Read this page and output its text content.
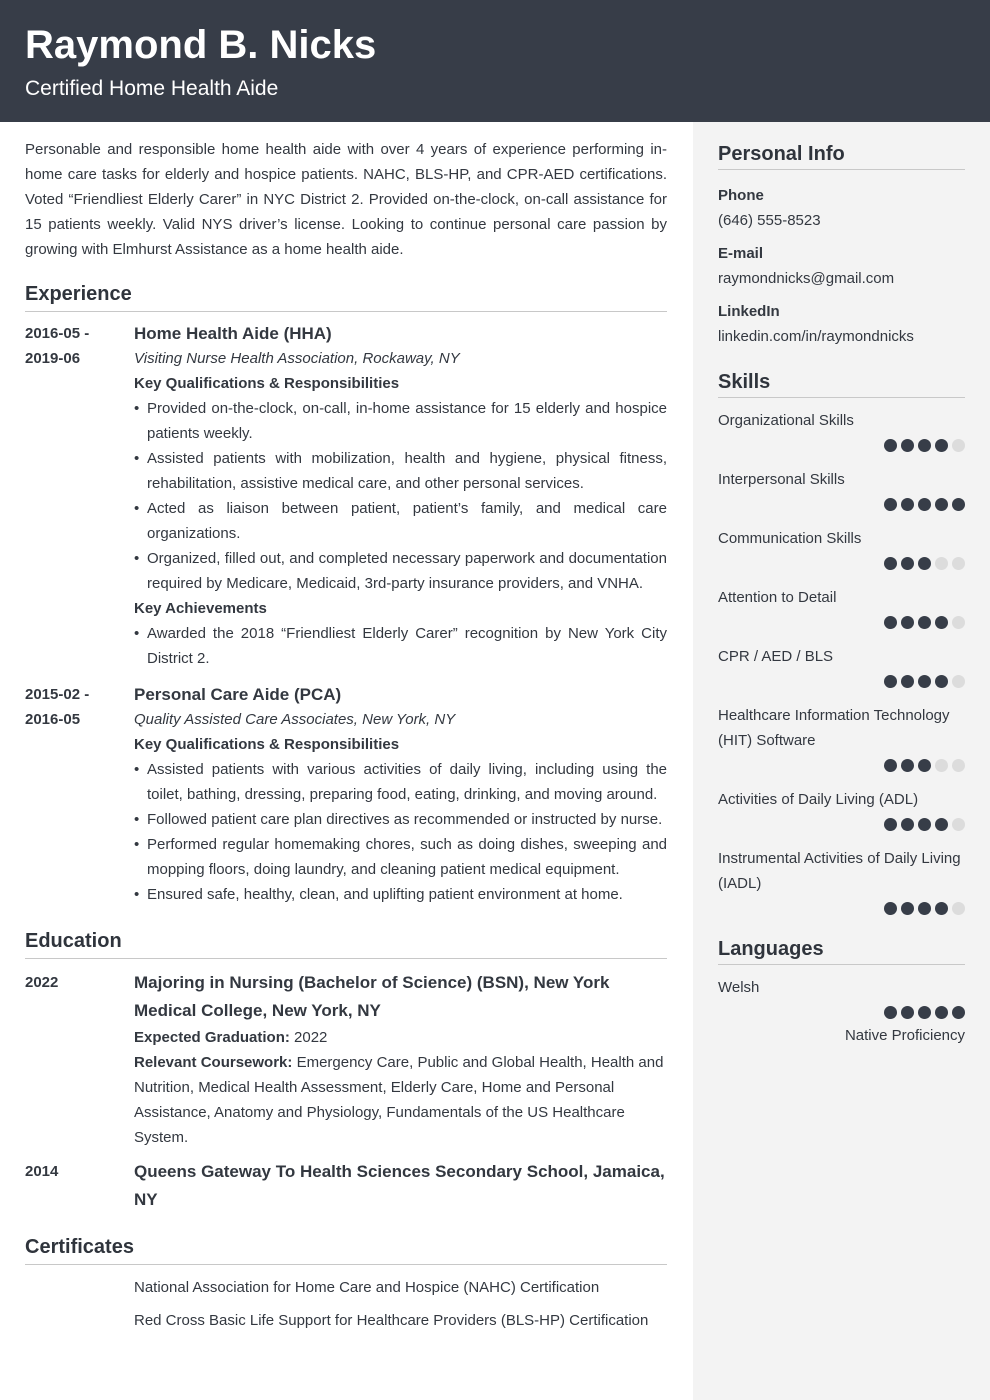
Raymond B. Nicks
Certified Home Health Aide
Personal Info
Phone
(646) 555-8523
E-mail
raymondnicks@gmail.com
LinkedIn
linkedin.com/in/raymondnicks
Skills
Organizational Skills
Interpersonal Skills
Communication Skills
Attention to Detail
CPR / AED / BLS
Healthcare Information Technology (HIT) Software
Activities of Daily Living (ADL)
Instrumental Activities of Daily Living (IADL)
Languages
Welsh
Native Proficiency
Personable and responsible home health aide with over 4 years of experience performing in-home care tasks for elderly and hospice patients. NAHC, BLS-HP, and CPR-AED certifications. Voted “Friendliest Elderly Carer” in NYC District 2. Provided on-the-clock, on-call assistance for 15 patients weekly. Valid NYS driver’s license. Looking to continue personal care passion by growing with Elmhurst Assistance as a home health aide.
Experience
2016-05 -
2019-06
Home Health Aide (HHA)
Visiting Nurse Health Association, Rockaway, NY
Key Qualifications & Responsibilities
• Provided on-the-clock, on-call, in-home assistance for 15 elderly and hospice patients weekly.
• Assisted patients with mobilization, health and hygiene, physical fitness, rehabilitation, assistive medical care, and other personal services.
• Acted as liaison between patient, patient’s family, and medical care organizations.
• Organized, filled out, and completed necessary paperwork and documentation required by Medicare, Medicaid, 3rd-party insurance providers, and VNHA.
Key Achievements
• Awarded the 2018 “Friendliest Elderly Carer” recognition by New York City District 2.
2015-02 -
2016-05
Personal Care Aide (PCA)
Quality Assisted Care Associates, New York, NY
Key Qualifications & Responsibilities
• Assisted patients with various activities of daily living, including using the toilet, bathing, dressing, preparing food, eating, drinking, and moving around.
• Followed patient care plan directives as recommended or instructed by nurse.
• Performed regular homemaking chores, such as doing dishes, sweeping and mopping floors, doing laundry, and cleaning patient medical equipment.
• Ensured safe, healthy, clean, and uplifting patient environment at home.
Education
2022	Majoring in Nursing (Bachelor of Science) (BSN), New York Medical College, New York, NY
Expected Graduation: 2022
Relevant Coursework: Emergency Care, Public and Global Health, Health and Nutrition, Medical Health Assessment, Elderly Care, Home and Personal Assistance, Anatomy and Physiology, Fundamentals of the US Healthcare System.
2014	Queens Gateway To Health Sciences Secondary School, Jamaica, NY
Certificates
National Association for Home Care and Hospice (NAHC) Certification
Red Cross Basic Life Support for Healthcare Providers (BLS-HP) Certification
